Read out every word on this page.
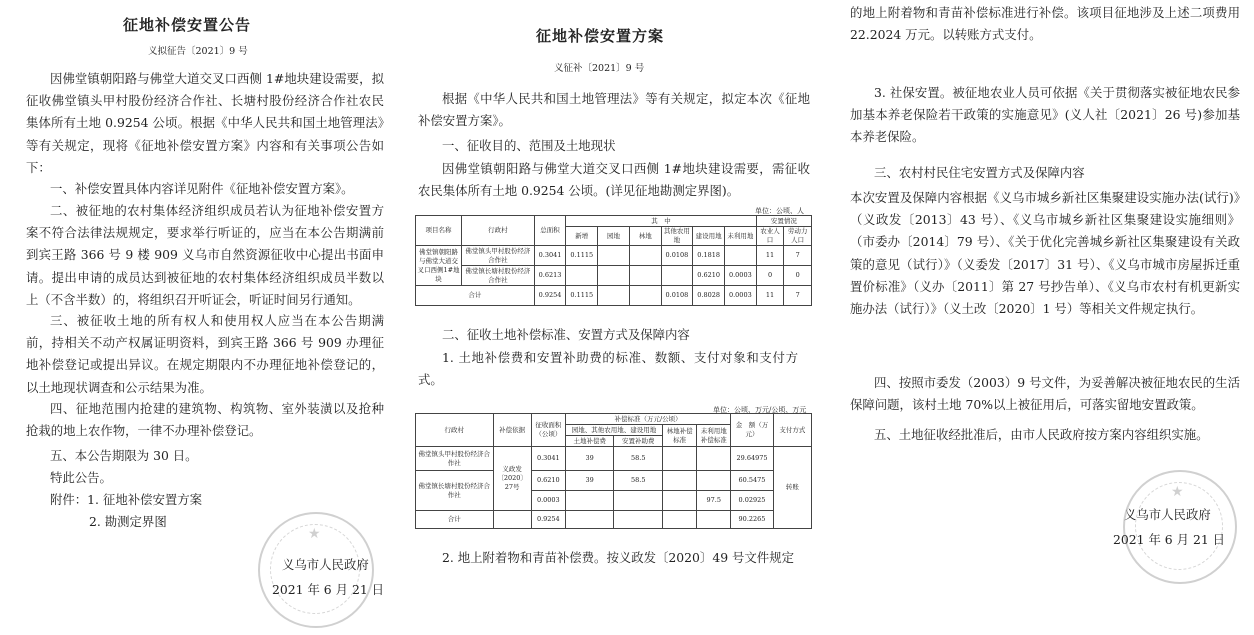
征地补偿安置公告
义拟征告〔2021〕9 号

因佛堂镇朝阳路与佛堂大道交叉口西侧 1#地块建设需要，拟征收佛堂镇头甲村股份经济合作社、长塘村股份经济合作社农民集体所有土地 0.9254 公顷。根据《中华人民共和国土地管理法》等有关规定，现将《征地补偿安置方案》内容和有关事项公告如下：

一、补偿安置具体内容详见附件《征地补偿安置方案》。

二、被征地的农村集体经济组织成员若认为征地补偿安置方案不符合法律法规规定，要求举行听证的，应当在本公告期满前到宾王路 366 号 9 楼 909 义乌市自然资源征收中心提出书面申请。提出申请的成员达到被征地的农村集体经济组织成员半数以上（不含半数）的，将组织召开听证会，听证时间另行通知。

三、被征收土地的所有权人和使用权人应当在本公告期满前，持相关不动产权属证明资料，到宾王路 366 号 909 办理征地补偿登记或提出异议。在规定期限内不办理征地补偿登记的，以土地现状调查和公示结果为准。

四、征地范围内抢建的建筑物、构筑物、室外装潢以及抢种抢栽的地上农作物，一律不办理补偿登记。

五、本公告期限为 30 日。
特此公告。
附件：1. 征地补偿安置方案
2. 勘测定界图
★
义乌市人民政府
2021 年 6 月 21 日
征地补偿安置方案
义征补〔2021〕9 号

根据《中华人民共和国土地管理法》等有关规定，拟定本次《征地补偿安置方案》。

一、征收目的、范围及土地现状

因佛堂镇朝阳路与佛堂大道交叉口西侧 1#地块建设需要，需征收农民集体所有土地 0.9254 公顷。(详见征地勘测定界图)。

单位：公顷、人
项目名称	行政村	总面积	其　中						安置情况	
			新增	园地	林地	其他农用地	建设用地	未利用地	农业人口	劳动力人口
佛堂镇朝阳路与佛堂大道交叉口西侧1#地块	佛堂镇头甲村股份经济合作社	0.3041	0.1115			0.0108	0.1818		11	7
	佛堂镇长塘村股份经济合作社	0.6213					0.6210	0.0003	0	0
合计		0.9254	0.1115			0.0108	0.8028	0.0003	11	7
二、征收土地补偿标准、安置方式及保障内容

1. 土地补偿费和安置补助费的标准、数额、支付对象和支付方式。

单位：公顷、万元/公顷、万元
行政村	补偿依据	征收面积（公顷）	补偿标准（万元/公顷）				金　额（万元）	支付方式
			园地、其他农用地、建设用地		林地补偿标准	未利用地补偿标准		
			土地补偿费	安置补助费				
佛堂镇头甲村股份经济合作社	义政发〔2020〕27号	0.3041	39	58.5			29.64975	转账
佛堂镇长塘村股份经济合作社		0.6210	39	58.5			60.5475	
		0.0003				97.5	0.02925	
合计		0.9254					90.2265	
2. 地上附着物和青苗补偿费。按义政发〔2020〕49 号文件规定

的地上附着物和青苗补偿标准进行补偿。该项目征地涉及上述二项费用 22.2024 万元。以转账方式支付。

3. 社保安置。被征地农业人员可依据《关于贯彻落实被征地农民参加基本养老保险若干政策的实施意见》(义人社〔2021〕26 号)参加基本养老保险。

三、农村村民住宅安置方式及保障内容

本次安置及保障内容根据《义乌市城乡新社区集聚建设实施办法(试行)》（义政发〔2013〕43 号）、《义乌市城乡新社区集聚建设实施细则》（市委办〔2014〕79 号）、《关于优化完善城乡新社区集聚建设有关政策的意见（试行）》（义委发〔2017〕31 号）、《义乌市城市房屋拆迁重置价标准》（义办〔2011〕第 27 号抄告单）、《义乌市农村有机更新实施办法（试行）》（义土改〔2020〕1 号）等相关文件规定执行。

四、按照市委发（2003）9 号文件，为妥善解决被征地农民的生活保障问题，该村土地 70%以上被征用后，可落实留地安置政策。

五、土地征收经批准后，由市人民政府按方案内容组织实施。

★
义乌市人民政府
2021 年 6 月 21 日
